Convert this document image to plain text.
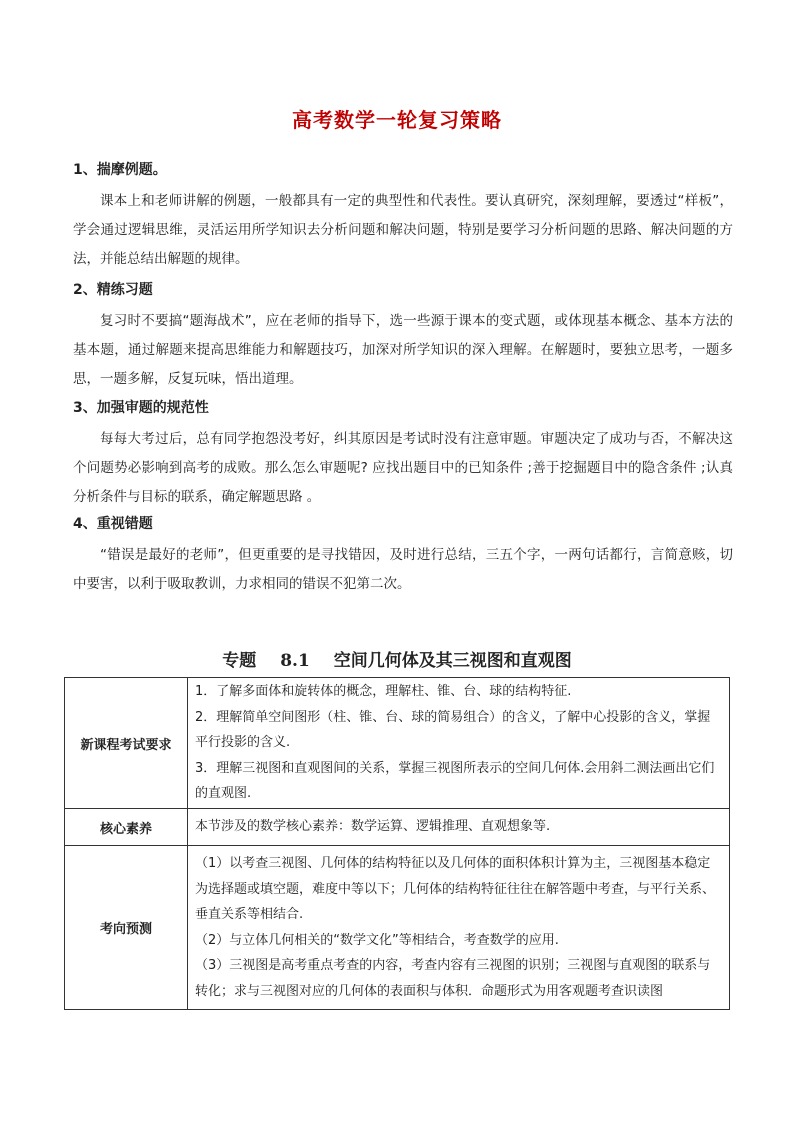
高考数学一轮复习策略

1、揣摩例题。

课本上和老师讲解的例题，一般都具有一定的典型性和代表性。要认真研究，深刻理解，要透过“样板”，学会通过逻辑思维，灵活运用所学知识去分析问题和解决问题，特别是要学习分析问题的思路、解决问题的方法，并能总结出解题的规律。

2、精练习题

复习时不要搞“题海战术”，应在老师的指导下，选一些源于课本的变式题，或体现基本概念、基本方法的基本题，通过解题来提高思维能力和解题技巧，加深对所学知识的深入理解。在解题时，要独立思考，一题多思，一题多解，反复玩味，悟出道理。

3、加强审题的规范性

每每大考过后，总有同学抱怨没考好，纠其原因是考试时没有注意审题。审题决定了成功与否，不解决这个问题势必影响到高考的成败。那么怎么审题呢? 应找出题目中的已知条件 ;善于挖掘题目中的隐含条件 ;认真分析条件与目标的联系，确定解题思路 。

4、重视错题

“错误是最好的老师”，但更重要的是寻找错因，及时进行总结，三五个字，一两句话都行，言简意赅，切中要害，以利于吸取教训，力求相同的错误不犯第二次。

专题 8.1 空间几何体及其三视图和直观图
新课程考试要求	1．了解多面体和旋转体的概念，理解柱、锥、台、球的结构特征.

2．理解简单空间图形（柱、锥、台、球的简易组合）的含义，了解中心投影的含义，掌握平行投影的含义.

3．理解三视图和直观图间的关系，掌握三视图所表示的空间几何体.会用斜二测法画出它们的直观图.

核心素养	本节涉及的数学核心素养：数学运算、逻辑推理、直观想象等.

考向预测	（1）以考查三视图、几何体的结构特征以及几何体的面积体积计算为主，三视图基本稳定为选择题或填空题，难度中等以下；几何体的结构特征往往在解答题中考查，与平行关系、垂直关系等相结合.

（2）与立体几何相关的“数学文化”等相结合，考查数学的应用.

（3）三视图是高考重点考查的内容，考查内容有三视图的识别；三视图与直观图的联系与转化；求与三视图对应的几何体的表面积与体积．命题形式为用客观题考查识读图
